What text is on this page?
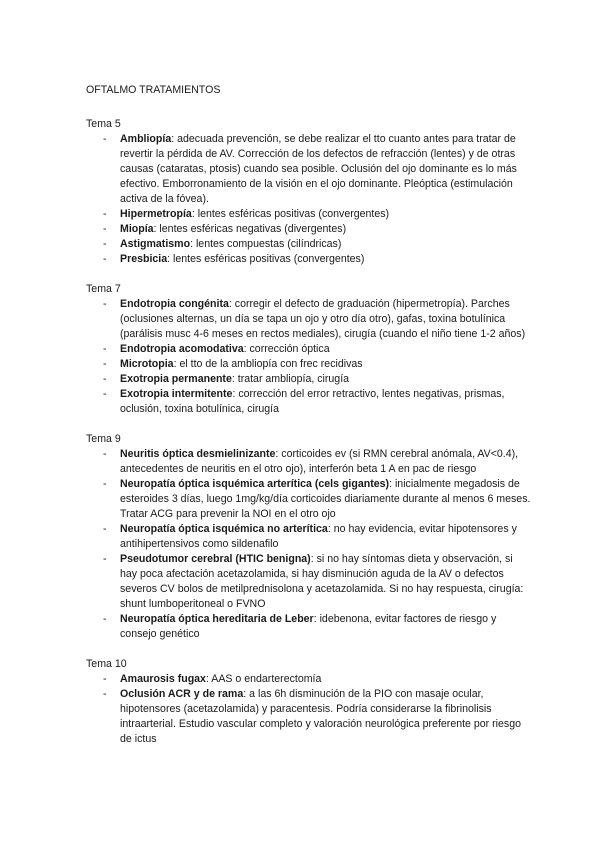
OFTALMO TRATAMIENTOS
Tema 5
- Ambliopía: adecuada prevención, se debe realizar el tto cuanto antes para tratar de revertir la pérdida de AV. Corrección de los defectos de refracción (lentes) y de otras causas (cataratas, ptosis) cuando sea posible. Oclusión del ojo dominante es lo más efectivo. Emborronamiento de la visión en el ojo dominante. Pleóptica (estimulación activa de la fóvea).
- Hipermetropía: lentes esféricas positivas (convergentes)
- Miopía: lentes esféricas negativas (divergentes)
- Astigmatismo: lentes compuestas (cilíndricas)
- Presbicia: lentes esféricas positivas (convergentes)
Tema 7
- Endotropia congénita: corregir el defecto de graduación (hipermetropía). Parches (oclusiones alternas, un día se tapa un ojo y otro día otro), gafas, toxina botulínica (parálisis musc 4-6 meses en rectos mediales), cirugía (cuando el niño tiene 1-2 años)
- Endotropia acomodativa: corrección óptica
- Microtopia: el tto de la ambliopía con frec recidivas
- Exotropia permanente: tratar ambliopía, cirugía
- Exotropia intermitente: corrección del error retractivo, lentes negativas, prismas, oclusión, toxina botulínica, cirugía
Tema 9
- Neuritis óptica desmielinizante: corticoides ev (si RMN cerebral anómala, AV<0.4), antecedentes de neuritis en el otro ojo), interferón beta 1 A en pac de riesgo
- Neuropatía óptica isquémica arterítica (cels gigantes): inicialmente megadosis de esteroides 3 días, luego 1mg/kg/día corticoides diariamente durante al menos 6 meses. Tratar ACG para prevenir la NOI en el otro ojo
- Neuropatía óptica isquémica no arterítica: no hay evidencia, evitar hipotensores y antihipertensivos como sildenafilo
- Pseudotumor cerebral (HTIC benigna): si no hay síntomas dieta y observación, si hay poca afectación acetazolamida, si hay disminución aguda de la AV o defectos severos CV bolos de metilprednisolona y acetazolamida. Si no hay respuesta, cirugía: shunt lumboperitoneal o FVNO
- Neuropatía óptica hereditaria de Leber: idebenona, evitar factores de riesgo y consejo genético
Tema 10
- Amaurosis fugax: AAS o endarterectomía
- Oclusión ACR y de rama: a las 6h disminución de la PIO con masaje ocular, hipotensores (acetazolamida) y paracentesis. Podría considerarse la fibrinolisis intraarterial. Estudio vascular completo y valoración neurológica preferente por riesgo de ictus
